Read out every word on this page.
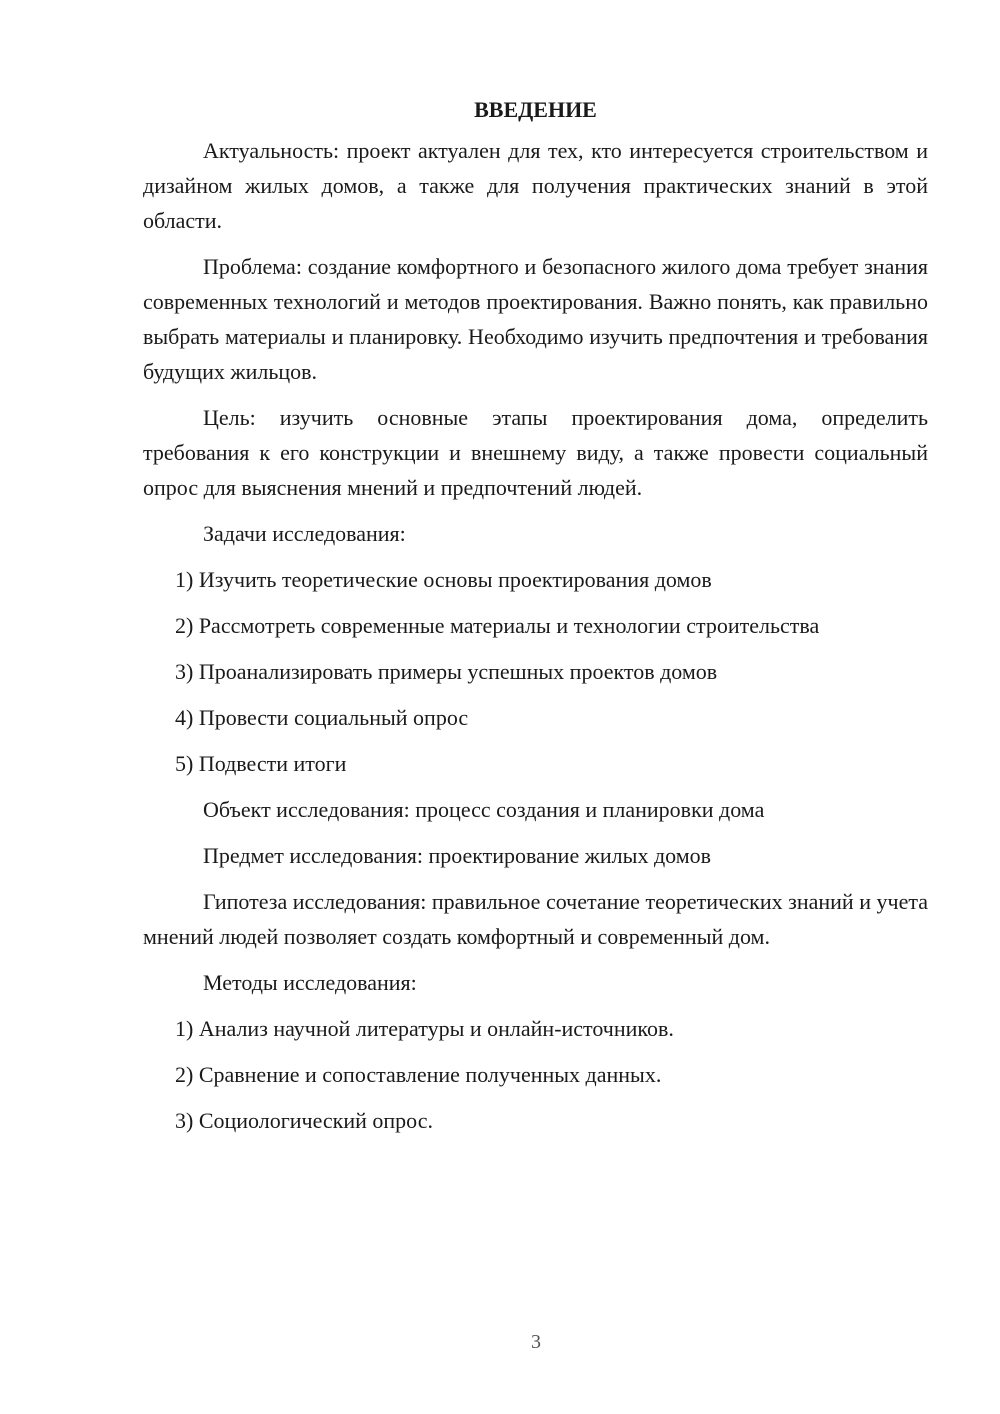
ВВЕДЕНИЕ

Актуальность: проект актуален для тех, кто интересуется строительством и дизайном жилых домов, а также для получения практических знаний в этой области.

Проблема: создание комфортного и безопасного жилого дома требует знания современных технологий и методов проектирования. Важно понять, как правильно выбрать материалы и планировку. Необходимо изучить предпочтения и требования будущих жильцов.

Цель: изучить основные этапы проектирования дома, определить требования к его конструкции и внешнему виду, а также провести социальный опрос для выяснения мнений и предпочтений людей.

Задачи исследования:

1) Изучить теоретические основы проектирования домов

2) Рассмотреть современные материалы и технологии строительства

3) Проанализировать примеры успешных проектов домов

4) Провести социальный опрос

5) Подвести итоги

Объект исследования: процесс создания и планировки дома

Предмет исследования: проектирование жилых домов

Гипотеза исследования: правильное сочетание теоретических знаний и учета мнений людей позволяет создать комфортный и современный дом.

Методы исследования:

1) Анализ научной литературы и онлайн-источников.

2) Сравнение и сопоставление полученных данных.

3) Социологический опрос.

3
